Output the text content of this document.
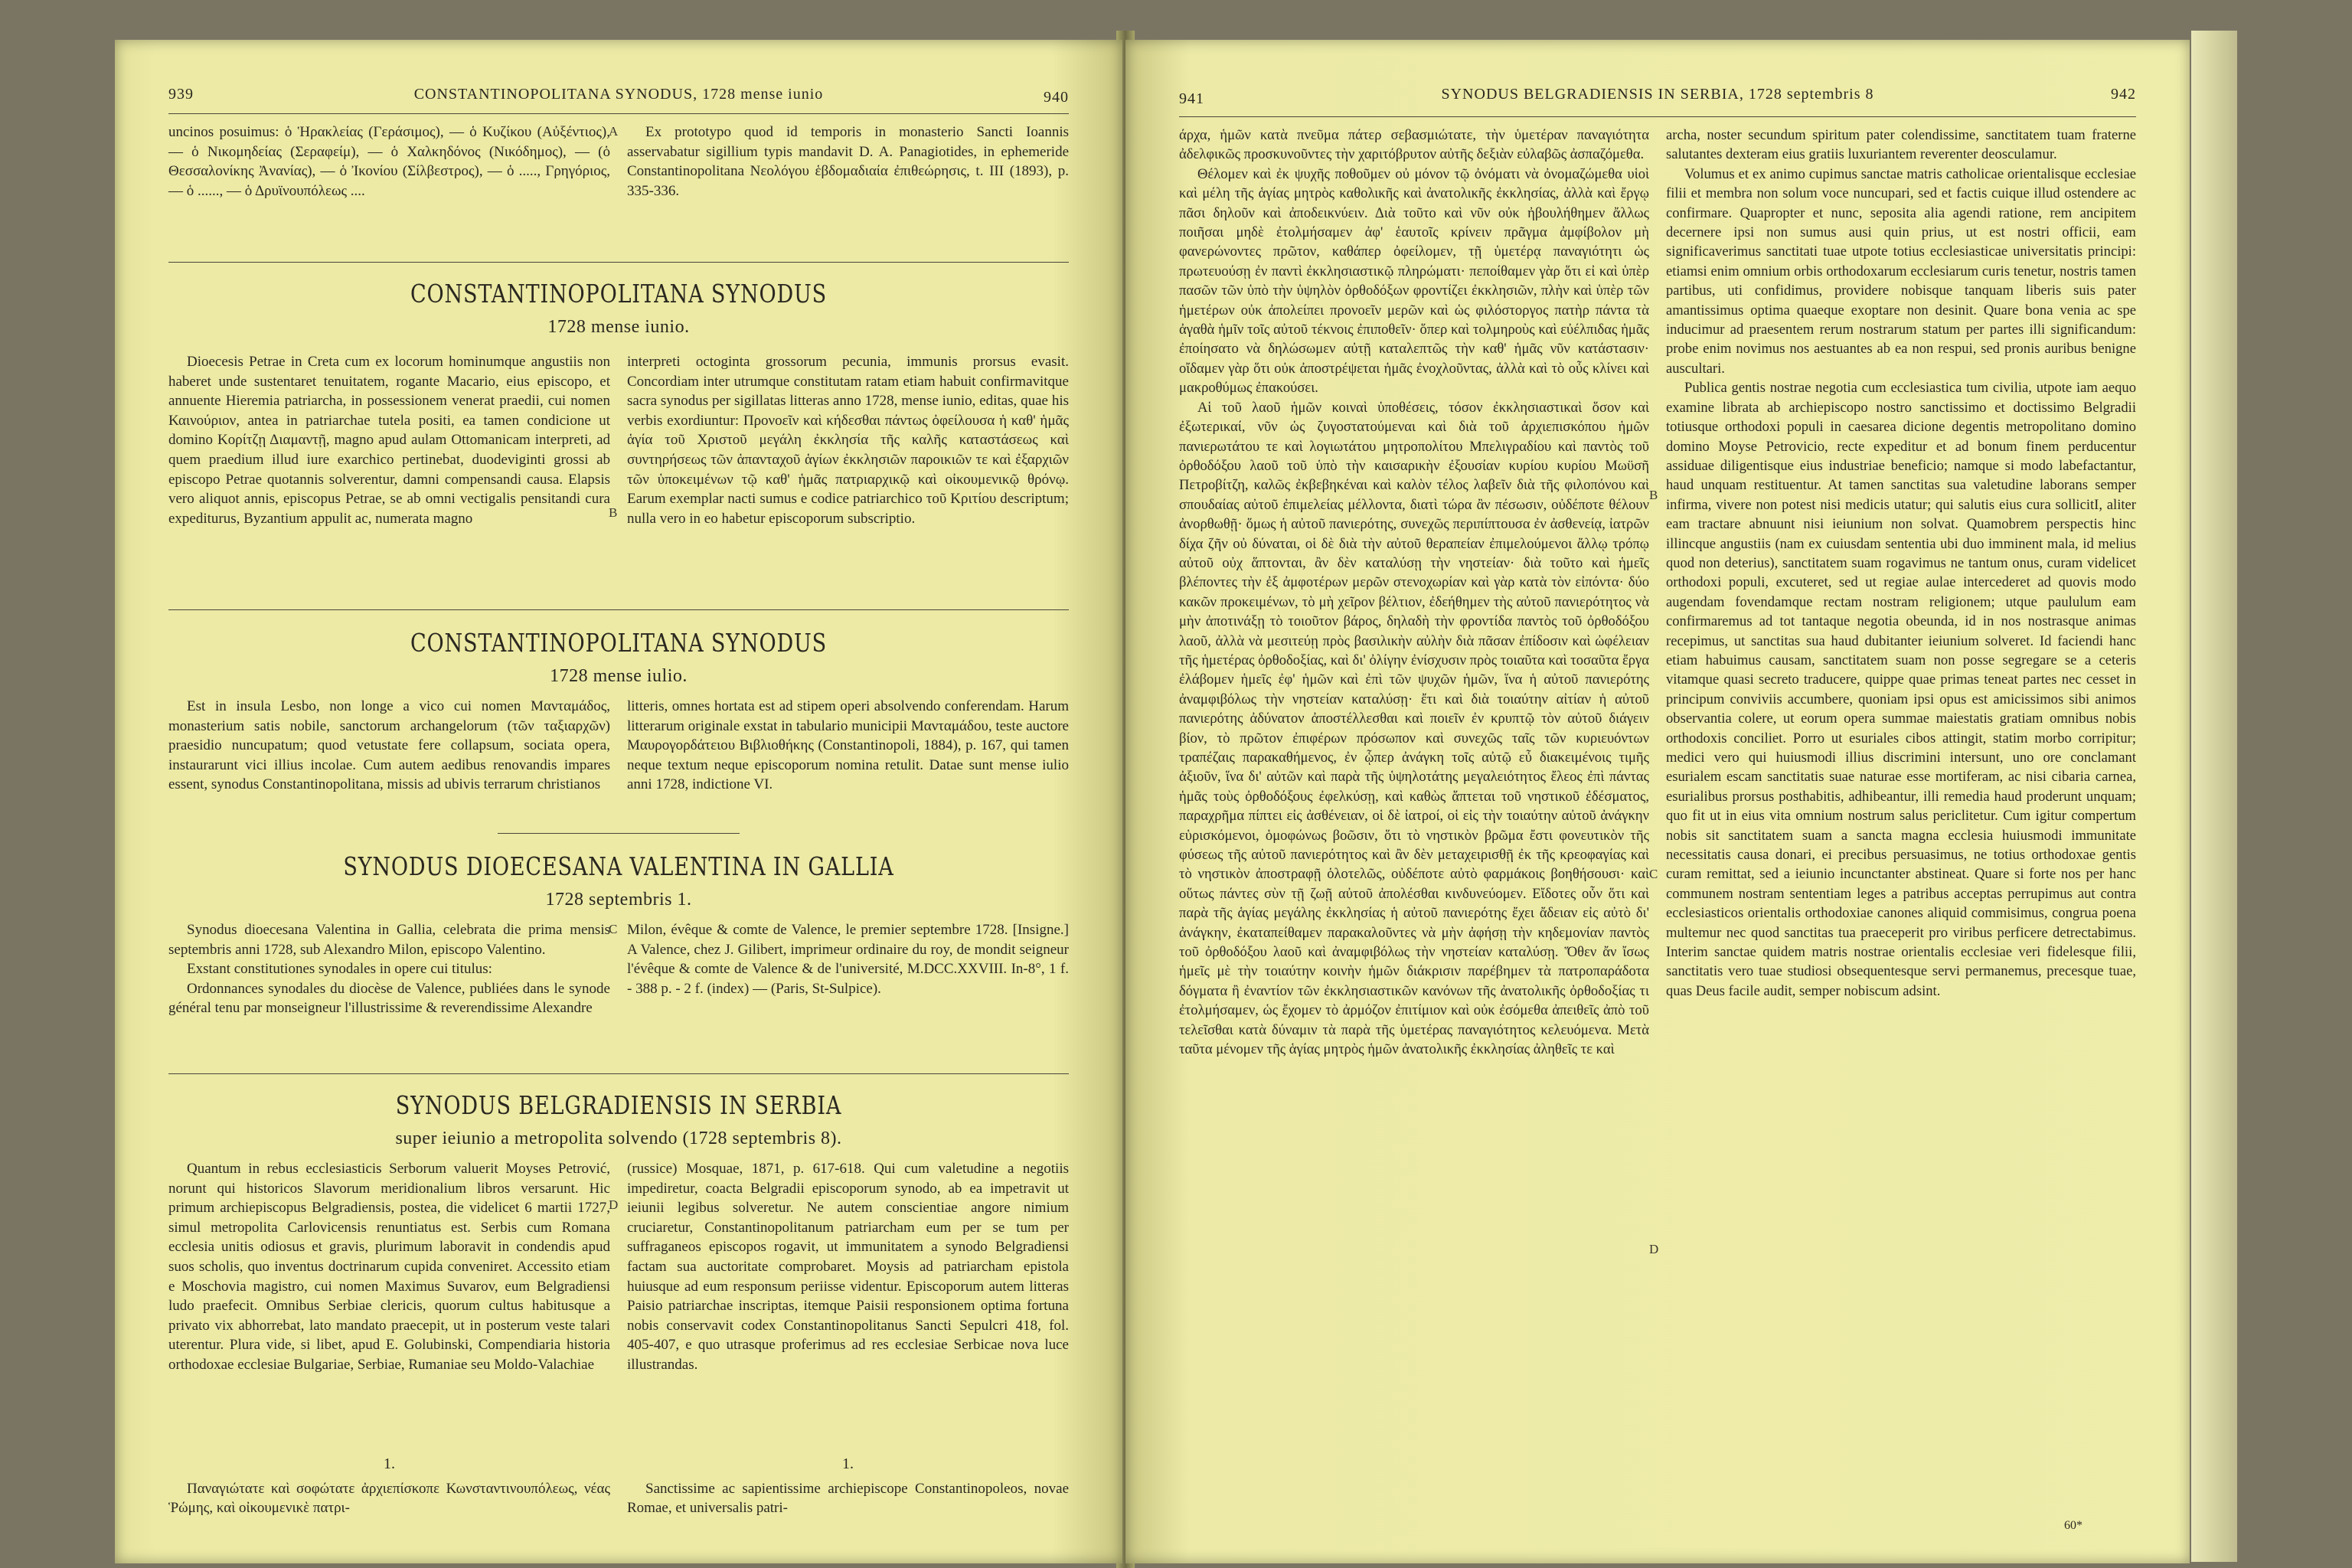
939	CONSTANTINOPOLITANA SYNODUS, 1728 mense iunio	940

uncinos posuimus: ὁ Ἡρακλείας (Γεράσιμος), — ὁ Κυζίκου (Αὐξέντιος), — ὁ Νικομηδείας (Σεραφείμ), — ὁ Χαλκηδόνος (Νικόδημος), — (ὁ Θεσσαλονίκης Ἀνανίας), — ὁ Ἰκονίου (Σίλβεστρος), — ὁ ....., Γρηγόριος, — ὁ ......, — ὁ Δρυϊνουπόλεως ....

Ex prototypo quod id temporis in monasterio Sancti Ioannis asservabatur sigillium typis mandavit D. A. Panagiotides, in ephemeride Constantinopolitana Νεολόγου ἑβδομαδιαία ἐπιθεώρησις, t. III (1893), p. 335-336.

A
CONSTANTINOPOLITANA SYNODUS
1728 mense iunio.

Dioecesis Petrae in Creta cum ex locorum hominumque angustiis non haberet unde sustentaret tenuitatem, rogante Macario, eius episcopo, et annuente Hieremia patriarcha, in possessionem venerat praedii, cui nomen Καινούριον, antea in patriarchae tutela positi, ea tamen condicione ut domino Κορίτζῃ Διαμαντῇ, magno apud aulam Ottomanicam interpreti, ad quem praedium illud iure exarchico pertinebat, duodeviginti grossi ab episcopo Petrae quotannis solverentur, damni compensandi causa. Elapsis vero aliquot annis, episcopus Petrae, se ab omni vectigalis pensitandi cura expediturus, Byzantium appulit ac, numerata magno

interpreti octoginta grossorum pecunia, immunis prorsus evasit. Concordiam inter utrumque constitutam ratam etiam habuit confirmavitque sacra synodus per sigillatas litteras anno 1728, mense iunio, editas, quae his verbis exordiuntur: Προνοεῖν καὶ κήδεσθαι πάντως ὀφείλουσα ἡ καθ' ἡμᾶς ἁγία τοῦ Χριστοῦ μεγάλη ἐκκλησία τῆς καλῆς καταστάσεως καὶ συντηρήσεως τῶν ἁπανταχοῦ ἁγίων ἐκκλησιῶν παροικιῶν τε καὶ ἐξαρχιῶν τῶν ὑποκειμένων τῷ καθ' ἡμᾶς πατριαρχικῷ καὶ οἰκουμενικῷ θρόνῳ. Earum exemplar nacti sumus e codice patriarchico τοῦ Κριτίου descriptum; nulla vero in eo habetur episcoporum subscriptio.

B
CONSTANTINOPOLITANA SYNODUS
1728 mense iulio.

Est in insula Lesbo, non longe a vico cui nomen Μανταμάδος, monasterium satis nobile, sanctorum archangelorum (τῶν ταξιαρχῶν) praesidio nuncupatum; quod vetustate fere collapsum, sociata opera, instaurarunt vici illius incolae. Cum autem aedibus renovandis impares essent, synodus Constantinopolitana, missis ad ubivis terrarum christianos

litteris, omnes hortata est ad stipem operi absolvendo conferendam. Harum litterarum originale exstat in tabulario municipii Μανταμάδου, teste auctore Μαυρογορδάτειου Βιβλιοθήκης (Constantinopoli, 1884), p. 167, qui tamen neque textum neque episcoporum nomina retulit. Datae sunt mense iulio anni 1728, indictione VI.

SYNODUS DIOECESANA VALENTINA IN GALLIA
1728 septembris 1.

Synodus dioecesana Valentina in Gallia, celebrata die prima mensis septembris anni 1728, sub Alexandro Milon, episcopo Valentino.

Exstant constitutiones synodales in opere cui titulus:

Ordonnances synodales du diocèse de Valence, publiées dans le synode général tenu par monseigneur l'illustrissime & reverendissime Alexandre

Milon, évêque & comte de Valence, le premier septembre 1728. [Insigne.] A Valence, chez J. Gilibert, imprimeur ordinaire du roy, de mondit seigneur l'évêque & comte de Valence & de l'université, M.DCC.XXVIII. In-8°, 1 f. - 388 p. - 2 f. (index) — (Paris, St-Sulpice).

C
SYNODUS BELGRADIENSIS IN SERBIA
super ieiunio a metropolita solvendo (1728 septembris 8).

Quantum in rebus ecclesiasticis Serborum valuerit Moyses Petrović, norunt qui historicos Slavorum meridionalium libros versarunt. Hic primum archiepiscopus Belgradiensis, postea, die videlicet 6 martii 1727, simul metropolita Carlovicensis renuntiatus est. Serbis cum Romana ecclesia unitis odiosus et gravis, plurimum laboravit in condendis apud suos scholis, quo inventus doctrinarum cupida conveniret. Accessito etiam e Moschovia magistro, cui nomen Maximus Suvarov, eum Belgradiensi ludo praefecit. Omnibus Serbiae clericis, quorum cultus habitusque a privato vix abhorrebat, lato mandato praecepit, ut in posterum veste talari uterentur. Plura vide, si libet, apud E. Golubinski, Compendiaria historia orthodoxae ecclesiae Bulgariae, Serbiae, Rumaniae seu Moldo-Valachiae

(russice) Mosquae, 1871, p. 617-618. Qui cum valetudine a negotiis impediretur, coacta Belgradii episcoporum synodo, ab ea impetravit ut ieiunii legibus solveretur. Ne autem conscientiae angore nimium cruciaretur, Constantinopolitanum patriarcham eum per se tum per suffraganeos episcopos rogavit, ut immunitatem a synodo Belgradiensi factam sua auctoritate comprobaret. Moysis ad patriarcham epistola huiusque ad eum responsum periisse videntur. Episcoporum autem litteras Paisio patriarchae inscriptas, itemque Paisii responsionem optima fortuna nobis conservavit codex Constantinopolitanus Sancti Sepulcri 418, fol. 405-407, e quo utrasque proferimus ad res ecclesiae Serbicae nova luce illustrandas.

D

1.

Παναγιώτατε καὶ σοφώτατε ἀρχιεπίσκοπε Κωνσταντινουπόλεως, νέας Ῥώμης, καὶ οἰκουμενικὲ πατρι-

1.

Sanctissime ac sapientissime archiepiscope Constantinopoleos, novae Romae, et universalis patri-

941	SYNODUS BELGRADIENSIS IN SERBIA, 1728 septembris 8	942

άρχα, ἡμῶν κατὰ πνεῦμα πάτερ σεβασμιώτατε, τὴν ὑμετέραν παναγιότητα ἀδελφικῶς προσκυνοῦντες τὴν χαριτόβρυτον αὐτῆς δεξιὰν εὐλαβῶς ἀσπαζόμεθα.

Θέλομεν καὶ ἐκ ψυχῆς ποθοῦμεν οὐ μόνον τῷ ὀνόματι νὰ ὀνομαζώμεθα υἱοὶ καὶ μέλη τῆς ἁγίας μητρὸς καθολικῆς καὶ ἀνατολικῆς ἐκκλησίας, ἀλλὰ καὶ ἔργῳ πᾶσι δηλοῦν καὶ ἀποδεικνύειν. Διὰ τοῦτο καὶ νῦν οὐκ ἠβουλήθημεν ἄλλως ποιῆσαι μηδὲ ἐτολμήσαμεν ἀφ' ἑαυτοῖς κρίνειν πρᾶγμα ἀμφίβολον μὴ φανερώνοντες πρῶτον, καθάπερ ὀφείλομεν, τῇ ὑμετέρᾳ παναγιότητι ὡς πρωτευούσῃ ἐν παντὶ ἐκκλησιαστικῷ πληρώματι· πεποίθαμεν γὰρ ὅτι εἰ καὶ ὑπὲρ πασῶν τῶν ὑπὸ τὴν ὑψηλὸν ὀρθοδόξων φροντίζει ἐκκλησιῶν, πλὴν καὶ ὑπὲρ τῶν ἡμετέρων οὐκ ἀπολείπει προνοεῖν μερῶν καὶ ὡς φιλόστοργος πατὴρ πάντα τὰ ἀγαθὰ ἡμῖν τοῖς αὐτοῦ τέκνοις ἐπιποθεῖν· ὅπερ καὶ τολμηροὺς καὶ εὐέλπιδας ἡμᾶς ἐποίησατο νὰ δηλώσωμεν αὐτῇ καταλεπτῶς τὴν καθ' ἡμᾶς νῦν κατάστασιν· οἴδαμεν γὰρ ὅτι οὐκ ἀποστρέψεται ἡμᾶς ἐνοχλοῦντας, ἀλλὰ καὶ τὸ οὖς κλίνει καὶ μακροθύμως ἐπακούσει.

Αἱ τοῦ λαοῦ ἡμῶν κοιναὶ ὑποθέσεις, τόσον ἐκκλησιαστικαὶ ὅσον καὶ ἐξωτερικαί, νῦν ὡς ζυγοστατούμεναι καὶ διὰ τοῦ ἀρχιεπισκόπου ἡμῶν πανιερωτάτου τε καὶ λογιωτάτου μητροπολίτου Μπελιγραδίου καὶ παντὸς τοῦ ὀρθοδόξου λαοῦ τοῦ ὑπὸ τὴν καισαρικὴν ἐξουσίαν κυρίου κυρίου Μωϋσῆ Πετροβίτζη, καλῶς ἐκβεβηκέναι καὶ καλὸν τέλος λαβεῖν διὰ τῆς φιλοπόνου καὶ σπουδαίας αὐτοῦ ἐπιμελείας μέλλοντα, διατὶ τώρα ἂν πέσωσιν, οὐδέποτε θέλουν ἀνορθωθῇ· ὅμως ἡ αὐτοῦ πανιερότης, συνεχῶς περιπίπτουσα ἐν ἀσθενείᾳ, ἰατρῶν δίχα ζῆν οὐ δύναται, οἱ δὲ διὰ τὴν αὐτοῦ θεραπείαν ἐπιμελούμενοι ἄλλῳ τρόπῳ αὐτοῦ οὐχ ἅπτονται, ἂν δὲν καταλύσῃ τὴν νηστείαν· διὰ τοῦτο καὶ ἡμεῖς βλέποντες τὴν ἐξ ἀμφοτέρων μερῶν στενοχωρίαν καὶ γὰρ κατὰ τὸν εἰπόντα· δύο κακῶν προκειμένων, τὸ μὴ χεῖρον βέλτιον, ἐδεήθημεν τὴς αὐτοῦ πανιερότητος νὰ μὴν ἀποτινάξῃ τὸ τοιοῦτον βάρος, δηλαδὴ τὴν φροντίδα παντὸς τοῦ ὀρθοδόξου λαοῦ, ἀλλὰ νὰ μεσιτεύῃ πρὸς βασιλικὴν αὐλὴν διὰ πᾶσαν ἐπίδοσιν καὶ ὠφέλειαν τῆς ἡμετέρας ὀρθοδοξίας, καὶ δι' ὀλίγην ἐνίσχυσιν πρὸς τοιαῦτα καὶ τοσαῦτα ἔργα ἐλάβομεν ἡμεῖς ἐφ' ἡμῶν καὶ ἐπὶ τῶν ψυχῶν ἡμῶν, ἵνα ἡ αὐτοῦ πανιερότης ἀναμφιβόλως τὴν νηστείαν καταλύσῃ· ἔτι καὶ διὰ τοιαύτην αἰτίαν ἡ αὐτοῦ πανιερότης ἀδύνατον ἀποστέλλεσθαι καὶ ποιεῖν ἐν κρυπτῷ τὸν αὐτοῦ διάγειν βίον, τὸ πρῶτον ἐπιφέρων πρόσωπον καὶ συνεχῶς ταῖς τῶν κυριευόντων τραπέζαις παρακαθήμενος, ἐν ᾧπερ ἀνάγκη τοῖς αὐτῷ εὖ διακειμένοις τιμῆς ἀξιοῦν, ἵνα δι' αὐτῶν καὶ παρὰ τῆς ὑψηλοτάτης μεγαλειότητος ἔλεος ἐπὶ πάντας ἡμᾶς τοὺς ὀρθοδόξους ἐφελκύσῃ, καὶ καθὼς ἅπτεται τοῦ νηστικοῦ ἐδέσματος, παραχρῆμα πίπτει εἰς ἀσθένειαν, οἱ δὲ ἰατροί, οἱ εἰς τὴν τοιαύτην αὐτοῦ ἀνάγκην εὑρισκόμενοι, ὁμοφώνως βοῶσιν, ὅτι τὸ νηστικὸν βρῶμα ἔστι φονευτικὸν τῆς φύσεως τῆς αὐτοῦ πανιερότητος καὶ ἂν δὲν μεταχειρισθῇ ἐκ τῆς κρεοφαγίας καὶ τὸ νηστικὸν ἀποστραφῇ ὁλοτελῶς, οὐδέποτε αὐτὸ φαρμάκοις βοηθήσουσι· καὶ οὕτως πάντες σὺν τῇ ζωῇ αὐτοῦ ἀπολέσθαι κινδυνεύομεν. Εἴδοτες οὖν ὅτι καὶ παρὰ τῆς ἁγίας μεγάλης ἐκκλησίας ἡ αὐτοῦ πανιερότης ἔχει ἄδειαν εἰς αὐτὸ δι' ἀνάγκην, ἐκαταπείθαμεν παρακαλοῦντες νὰ μὴν ἀφήσῃ τὴν κηδεμονίαν παντὸς τοῦ ὀρθοδόξου λαοῦ καὶ ἀναμφιβόλως τὴν νηστείαν καταλύσῃ. Ὅθεν ἄν ἴσως ἡμεῖς μὲ τὴν τοιαύτην κοινὴν ἡμῶν διάκρισιν παρέβημεν τὰ πατροπαράδοτα δόγματα ἢ ἐναντίον τῶν ἐκκλησιαστικῶν κανόνων τῆς ἀνατολικῆς ὀρθοδοξίας τι ἐτολμήσαμεν, ὡς ἔχομεν τὸ ἀρμόζον ἐπιτίμιον καὶ οὐκ ἐσόμεθα ἀπειθεῖς ἀπὸ τοῦ τελεῖσθαι κατὰ δύναμιν τὰ παρὰ τῆς ὑμετέρας παναγιότητος κελευόμενα. Μετὰ ταῦτα μένομεν τῆς ἁγίας μητρὸς ἡμῶν ἀνατολικῆς ἐκκλησίας ἀληθεῖς τε καὶ

archa, noster secundum spiritum pater colendissime, sanctitatem tuam fraterne salutantes dexteram eius gratiis luxuriantem reverenter deosculamur.

Volumus et ex animo cupimus sanctae matris catholicae orientalisque ecclesiae filii et membra non solum voce nuncupari, sed et factis cuique illud ostendere ac confirmare. Quapropter et nunc, seposita alia agendi ratione, rem ancipitem decernere ipsi non sumus ausi quin prius, ut est nostri officii, eam significaverimus sanctitati tuae utpote totius ecclesiasticae universitatis principi: etiamsi enim omnium orbis orthodoxarum ecclesiarum curis tenetur, nostris tamen partibus, uti confidimus, providere nobisque tanquam liberis suis pater amantissimus optima quaeque exoptare non desinit. Quare bona venia ac spe inducimur ad praesentem rerum nostrarum statum per partes illi significandum: probe enim novimus nos aestuantes ab ea non respui, sed pronis auribus benigne auscultari.

Publica gentis nostrae negotia cum ecclesiastica tum civilia, utpote iam aequo examine librata ab archiepiscopo nostro sanctissimo et doctissimo Belgradii totiusque orthodoxi populi in caesarea dicione degentis metropolitano domino domino Moyse Petrovicio, recte expeditur et ad bonum finem perducentur assiduae diligentisque eius industriae beneficio; namque si modo labefactantur, haud unquam restituentur. At tamen sanctitas sua valetudine laborans semper infirma, vivere non potest nisi medicis utatur; qui salutis eius cura sollicitI, aliter eam tractare abnuunt nisi ieiunium non solvat. Quamobrem perspectis hinc illincque angustiis (nam ex cuiusdam sententia ubi duo imminent mala, id melius quod non deterius), sanctitatem suam rogavimus ne tantum onus, curam videlicet orthodoxi populi, excuteret, sed ut regiae aulae intercederet ad quovis modo augendam fovendamque rectam nostram religionem; utque paululum eam confirmaremus ad tot tantaque negotia obeunda, id in nos nostrasque animas recepimus, ut sanctitas sua haud dubitanter ieiunium solveret. Id faciendi hanc etiam habuimus causam, sanctitatem suam non posse segregare se a ceteris vitamque quasi secreto traducere, quippe quae primas teneat partes nec cesset in principum conviviis accumbere, quoniam ipsi opus est amicissimos sibi animos observantia colere, ut eorum opera summae maiestatis gratiam omnibus nobis orthodoxis conciliet. Porro ut esuriales cibos attingit, statim morbo corripitur; medici vero qui huiusmodi illius discrimini intersunt, uno ore conclamant esurialem escam sanctitatis suae naturae esse mortiferam, ac nisi cibaria carnea, esurialibus prorsus posthabitis, adhibeantur, illi remedia haud proderunt unquam; quo fit ut in eius vita omnium nostrum salus periclitetur. Cum igitur compertum nobis sit sanctitatem suam a sancta magna ecclesia huiusmodi immunitate necessitatis causa donari, ei precibus persuasimus, ne totius orthodoxae gentis curam remittat, sed a ieiunio incunctanter abstineat. Quare si forte nos per hanc communem nostram sententiam leges a patribus acceptas perrupimus aut contra ecclesiasticos orientalis orthodoxiae canones aliquid commisimus, congrua poena multemur nec quod sanctitas tua praeceperit pro viribus perficere detrectabimus. Interim sanctae quidem matris nostrae orientalis ecclesiae veri fidelesque filii, sanctitatis vero tuae studiosi obsequentesque servi permanemus, precesque tuae, quas Deus facile audit, semper nobiscum adsint.

B
C
D
60*
